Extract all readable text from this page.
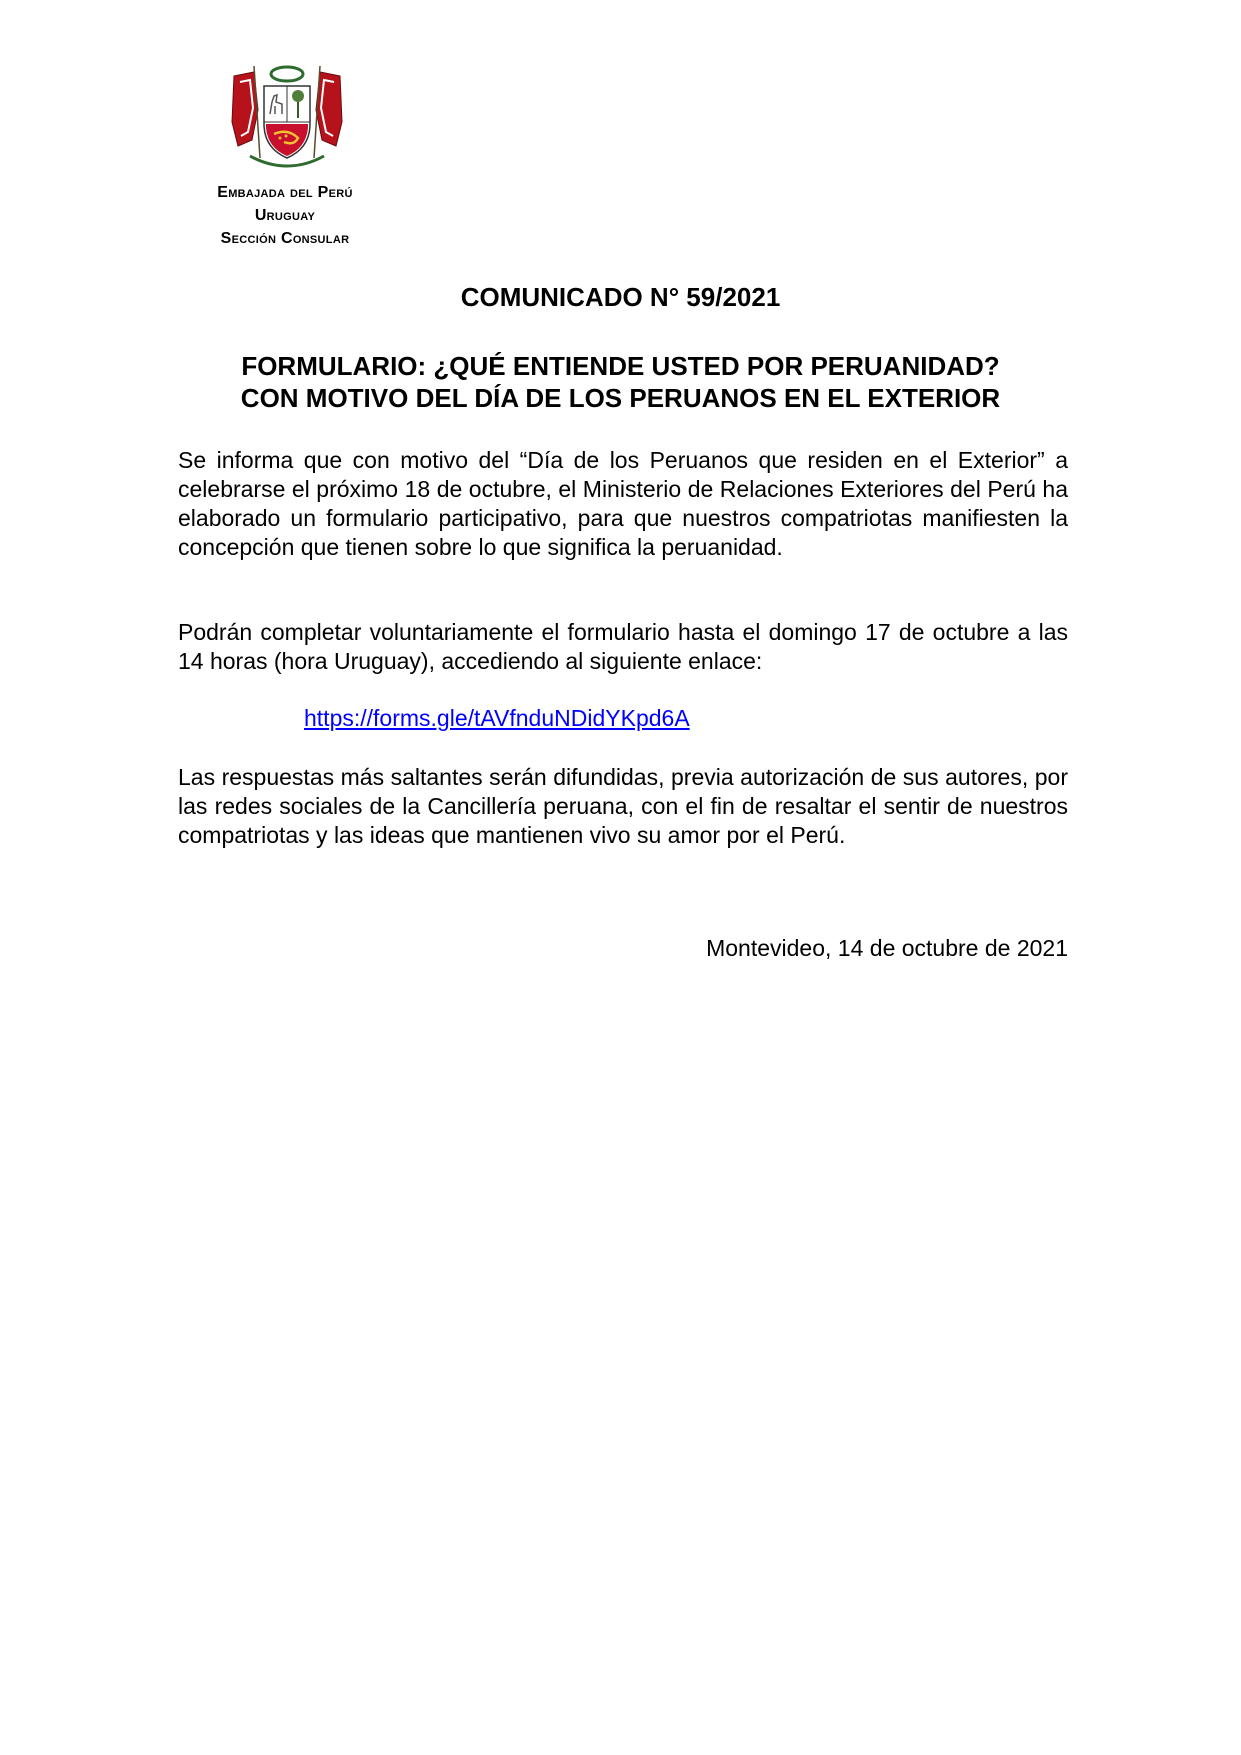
Embajada del Perú
Uruguay
Sección Consular
COMUNICADO N° 59/2021
FORMULARIO: ¿QUÉ ENTIENDE USTED POR PERUANIDAD?
CON MOTIVO DEL DÍA DE LOS PERUANOS EN EL EXTERIOR

Se informa que con motivo del “Día de los Peruanos que residen en el Exterior” a celebrarse el próximo 18 de octubre, el Ministerio de Relaciones Exteriores del Perú ha elaborado un formulario participativo, para que nuestros compatriotas manifiesten la concepción que tienen sobre lo que significa la peruanidad.

Podrán completar voluntariamente el formulario hasta el domingo 17 de octubre a las 14 horas (hora Uruguay), accediendo al siguiente enlace:

https://forms.gle/tAVfnduNDidYKpd6A

Las respuestas más saltantes serán difundidas, previa autorización de sus autores, por las redes sociales de la Cancillería peruana, con el fin de resaltar el sentir de nuestros compatriotas y las ideas que mantienen vivo su amor por el Perú.

Montevideo, 14 de octubre de 2021
